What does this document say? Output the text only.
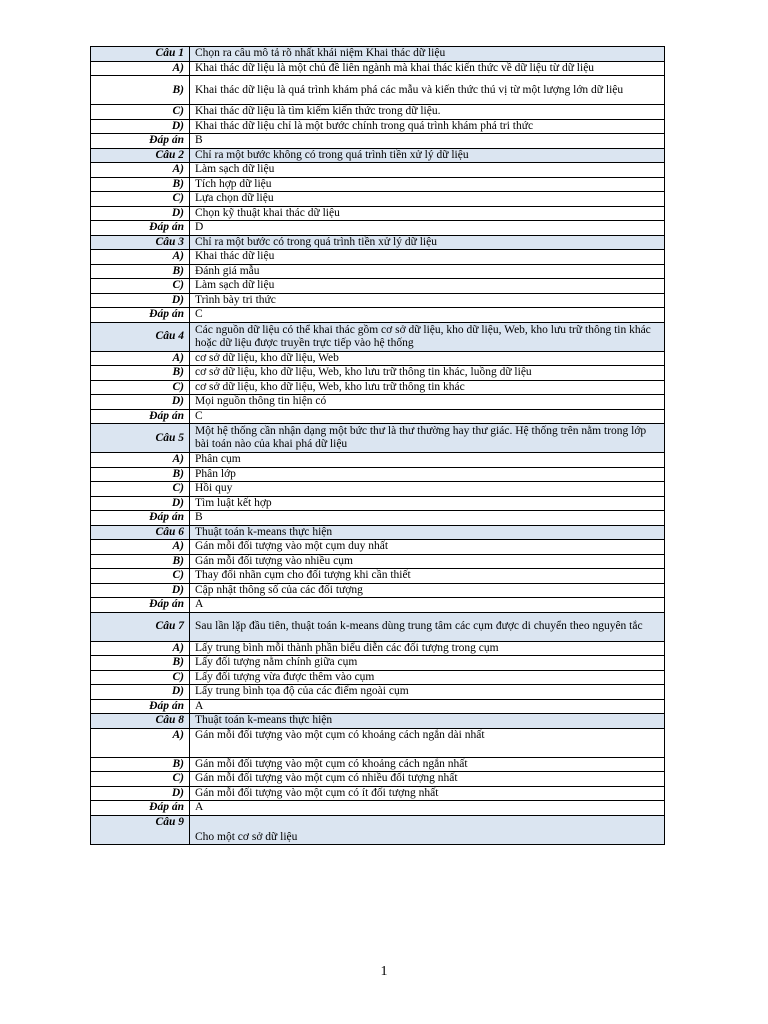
Câu 1	Chọn ra câu mô tả rõ nhất khái niệm Khai thác dữ liệu
A)	Khai thác dữ liệu là một chủ đề liên ngành mà khai thác kiến thức về dữ liệu từ dữ liệu
B)	Khai thác dữ liệu là quá trình khám phá các mẫu và kiến thức thú vị từ một lượng lớn dữ liệu
C)	Khai thác dữ liệu là tìm kiếm kiến thức trong dữ liệu.
D)	Khai thác dữ liệu chỉ là một bước chính trong quá trình khám phá tri thức
Đáp án	B
Câu 2	Chỉ ra một bước không có trong quá trình tiền xử lý dữ liệu
A)	Làm sạch dữ liệu
B)	Tích hợp dữ liệu
C)	Lựa chọn dữ liệu
D)	Chọn kỹ thuật khai thác dữ liệu
Đáp án	D
Câu 3	Chỉ ra một bước có trong quá trình tiền xử lý dữ liệu
A)	Khai thác dữ liệu
B)	Đánh giá mẫu
C)	Làm sạch dữ liệu
D)	Trình bày tri thức
Đáp án	C
Câu 4	Các nguồn dữ liệu có thể khai thác gồm cơ sở dữ liệu, kho dữ liệu, Web, kho lưu trữ thông tin khác hoặc dữ liệu được truyền trực tiếp vào hệ thống
A)	cơ sở dữ liệu, kho dữ liệu, Web
B)	cơ sở dữ liệu, kho dữ liệu, Web, kho lưu trữ thông tin khác, luồng dữ liệu
C)	cơ sở dữ liệu, kho dữ liệu, Web, kho lưu trữ thông tin khác
D)	Mọi nguồn thông tin hiện có
Đáp án	C
Câu 5	Một hệ thống cần nhận dạng một bức thư là thư thường hay thư giác. Hệ thống trên nằm trong lớp bài toán nào của khai phá dữ liệu
A)	Phân cụm
B)	Phân lớp
C)	Hồi quy
D)	Tìm luật kết hợp
Đáp án	B
Câu 6	Thuật toán k-means thực hiện
A)	Gán mỗi đối tượng vào một cụm duy nhất
B)	Gán mỗi đối tượng vào nhiều cụm
C)	Thay đổi nhãn cụm cho đối tượng khi cần thiết
D)	Cập nhật thông số của các đối tượng
Đáp án	A
Câu 7	Sau lần lặp đầu tiên, thuật toán k-means dùng trung tâm các cụm được di chuyển theo nguyên tắc
A)	Lấy trung bình mỗi thành phần biểu diễn các đối tượng trong cụm
B)	Lấy đối tượng nằm chính giữa cụm
C)	Lấy đối tượng vừa được thêm vào cụm
D)	Lấy trung bình tọa độ của các điểm ngoài cụm
Đáp án	A
Câu 8	Thuật toán k-means thực hiện
A)	Gán mỗi đối tượng vào một cụm có khoảng cách ngắn dài nhất
B)	Gán mỗi đối tượng vào một cụm có khoảng cách ngắn nhất
C)	Gán mỗi đối tượng vào một cụm có nhiều đối tượng nhất
D)	Gán mỗi đối tượng vào một cụm có ít đối tượng nhất
Đáp án	A
Câu 9	Cho một cơ sở dữ liệu
1
